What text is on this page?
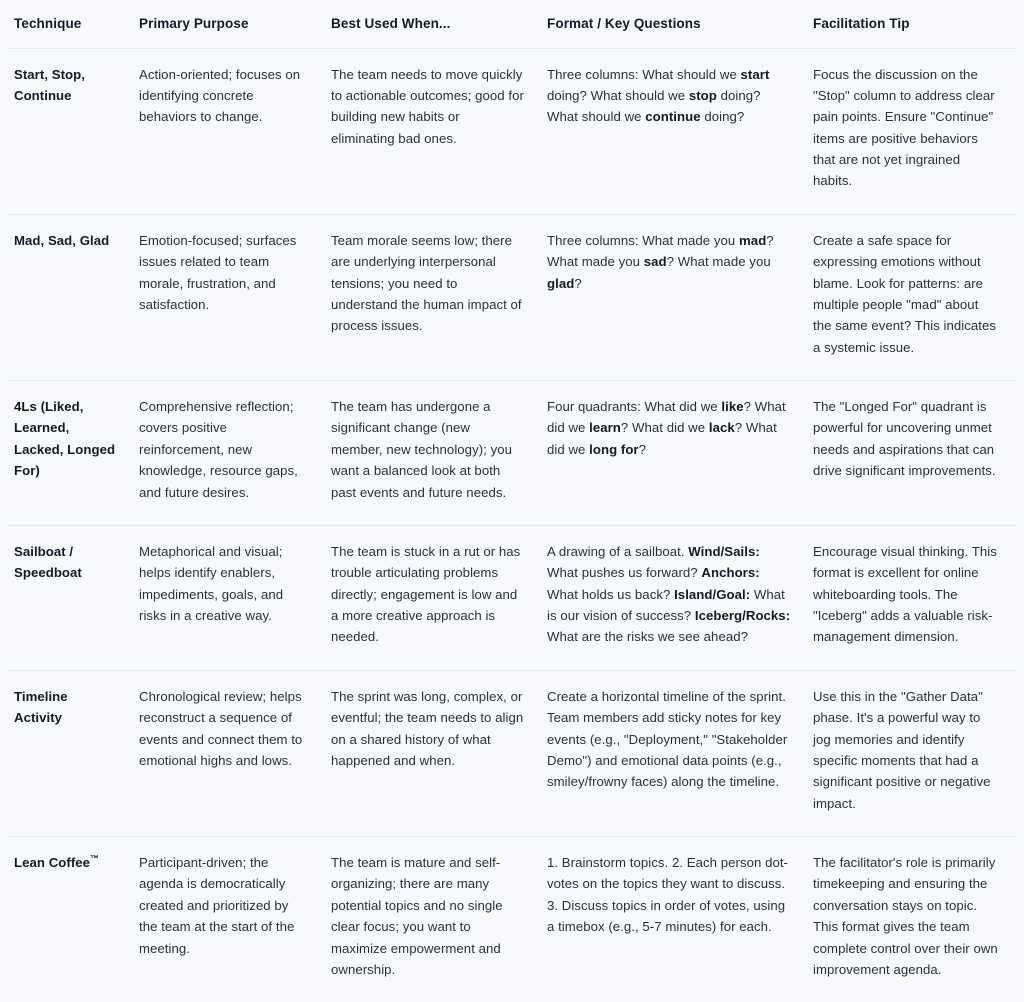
Technique	Primary Purpose	Best Used When...	Format / Key Questions	Facilitation Tip
Start, Stop, Continue	Action-oriented; focuses on identifying concrete behaviors to change.	The team needs to move quickly to actionable outcomes; good for building new habits or eliminating bad ones.	Three columns: What should we start doing? What should we stop doing? What should we continue doing?	Focus the discussion on the "Stop" column to address clear pain points. Ensure "Continue" items are positive behaviors that are not yet ingrained habits.
Mad, Sad, Glad	Emotion-focused; surfaces issues related to team morale, frustration, and satisfaction.	Team morale seems low; there are underlying interpersonal tensions; you need to understand the human impact of process issues.	Three columns: What made you mad? What made you sad? What made you glad?	Create a safe space for expressing emotions without blame. Look for patterns: are multiple people "mad" about the same event? This indicates a systemic issue.
4Ls (Liked, Learned, Lacked, Longed For)	Comprehensive reflection; covers positive reinforcement, new knowledge, resource gaps, and future desires.	The team has undergone a significant change (new member, new technology); you want a balanced look at both past events and future needs.	Four quadrants: What did we like? What did we learn? What did we lack? What did we long for?	The "Longed For" quadrant is powerful for uncovering unmet needs and aspirations that can drive significant improvements.
Sailboat / Speedboat	Metaphorical and visual; helps identify enablers, impediments, goals, and risks in a creative way.	The team is stuck in a rut or has trouble articulating problems directly; engagement is low and a more creative approach is needed.	A drawing of a sailboat. Wind/Sails: What pushes us forward? Anchors: What holds us back? Island/Goal: What is our vision of success? Iceberg/Rocks: What are the risks we see ahead?	Encourage visual thinking. This format is excellent for online whiteboarding tools. The "Iceberg" adds a valuable risk-management dimension.
Timeline Activity	Chronological review; helps reconstruct a sequence of events and connect them to emotional highs and lows.	The sprint was long, complex, or eventful; the team needs to align on a shared history of what happened and when.	Create a horizontal timeline of the sprint. Team members add sticky notes for key events (e.g., "Deployment," "Stakeholder Demo") and emotional data points (e.g., smiley/frowny faces) along the timeline.	Use this in the "Gather Data" phase. It's a powerful way to jog memories and identify specific moments that had a significant positive or negative impact.
Lean Coffee™	Participant-driven; the agenda is democratically created and prioritized by the team at the start of the meeting.	The team is mature and self-organizing; there are many potential topics and no single clear focus; you want to maximize empowerment and ownership.	1. Brainstorm topics. 2. Each person dot-votes on the topics they want to discuss. 3. Discuss topics in order of votes, using a timebox (e.g., 5-7 minutes) for each.	The facilitator's role is primarily timekeeping and ensuring the conversation stays on topic. This format gives the team complete control over their own improvement agenda.
